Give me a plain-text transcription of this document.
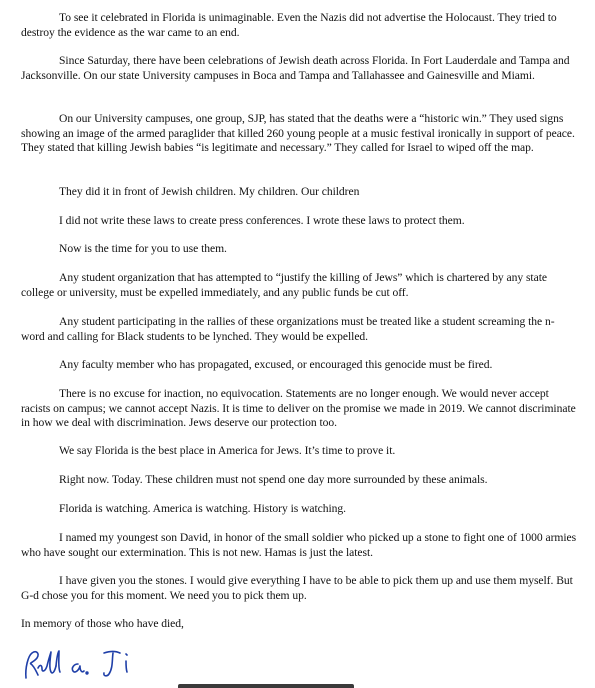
To see it celebrated in Florida is unimaginable. Even the Nazis did not advertise the Holocaust. They tried to destroy the evidence as the war came to an end.

Since Saturday, there have been celebrations of Jewish death across Florida. In Fort Lauderdale and Tampa and Jacksonville. On our state University campuses in Boca and Tampa and Tallahassee and Gainesville and Miami.

On our University campuses, one group, SJP, has stated that the deaths were a “historic win.” They used signs showing an image of the armed paraglider that killed 260 young people at a music festival ironically in support of peace. They stated that killing Jewish babies “is legitimate and necessary.” They called for Israel to wiped off the map.

They did it in front of Jewish children. My children. Our children

I did not write these laws to create press conferences. I wrote these laws to protect them.

Now is the time for you to use them.

Any student organization that has attempted to “justify the killing of Jews” which is chartered by any state college or university, must be expelled immediately, and any public funds be cut off.

Any student participating in the rallies of these organizations must be treated like a student screaming the n-word and calling for Black students to be lynched. They would be expelled.

Any faculty member who has propagated, excused, or encouraged this genocide must be fired.

There is no excuse for inaction, no equivocation. Statements are no longer enough. We would never accept racists on campus; we cannot accept Nazis. It is time to deliver on the promise we made in 2019. We cannot discriminate in how we deal with discrimination. Jews deserve our protection too.

We say Florida is the best place in America for Jews. It’s time to prove it.

Right now. Today. These children must not spend one day more surrounded by these animals.

Florida is watching. America is watching. History is watching.

I named my youngest son David, in honor of the small soldier who picked up a stone to fight one of 1000 armies who have sought our extermination. This is not new. Hamas is just the latest.

I have given you the stones. I would give everything I have to be able to pick them up and use them myself. But G-d chose you for this moment. We need you to pick them up.

In memory of those who have died,
